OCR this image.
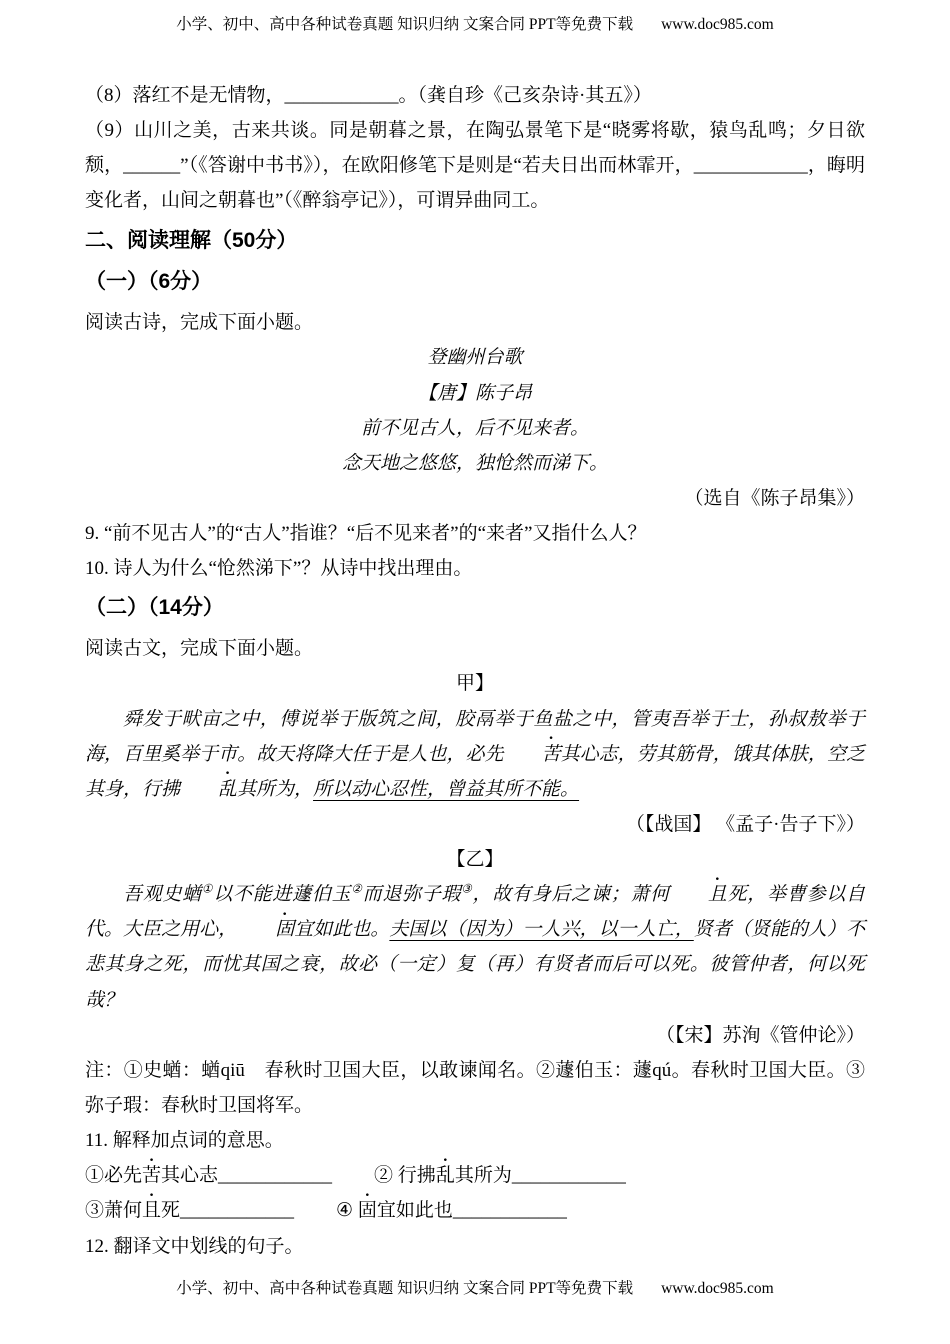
小学、初中、高中各种试卷真题 知识归纳 文案合同 PPT等免费下载 www.doc985.com
（8）落红不是无情物，____________。（龚自珍《己亥杂诗·其五》）
（9）山川之美，古来共谈。同是朝暮之景，在陶弘景笔下是“晓雾将歇，猿鸟乱鸣；夕日欲颓，______”（《答谢中书书》），在欧阳修笔下是则是“若夫日出而林霏开，____________，晦明变化者，山间之朝暮也”（《醉翁亭记》），可谓异曲同工。
二、阅读理解（50分）
（一）（6分）
阅读古诗，完成下面小题。
登幽州台歌
【唐】陈子昂
前不见古人，后不见来者。
念天地之悠悠，独怆然而涕下。
（选自《陈子昂集》）
9. “前不见古人”的“古人”指谁？“后不见来者”的“来者”又指什么人？
10. 诗人为什么“怆然涕下”？从诗中找出理由。
（二）（14分）
阅读古文，完成下面小题。
甲】
舜发于畎亩之中，傅说举于版筑之间，胶鬲举于鱼盐之中，管夷吾举于士，孙叔敖举于海，百里奚举于市。故天将降大任于是人也，必先 苦其心志，劳其筋骨，饿其体肤，空乏其身，行拂 乱其所为，所以动心忍性，曾益其所不能。
（【战国】 《孟子·告子下》）
【乙】
吾观史蝤①以不能进蘧伯玉②而退弥子瑕③，故有身后之谏；萧何 且死，举曹参以自代。大臣之用心， 固宜如此也。夫国以（因为）一人兴，以一人亡，贤者（贤能的人）不悲其身之死，而忧其国之衰，故必（一定）复（再）有贤者而后可以死。彼管仲者，何以死哉？
（【宋】苏洵《管仲论》）
注：①史蝤：蝤qiū　春秋时卫国大臣，以敢谏闻名。②蘧伯玉：蘧qú。春秋时卫国大臣。③弥子瑕：春秋时卫国将军。
11. 解释加点词的意思。
①必先苦其心志____________ ② 行拂乱其所为____________
③萧何且死____________ ④ 固宜如此也____________
12. 翻译文中划线的句子。
小学、初中、高中各种试卷真题 知识归纳 文案合同 PPT等免费下载 www.doc985.com
